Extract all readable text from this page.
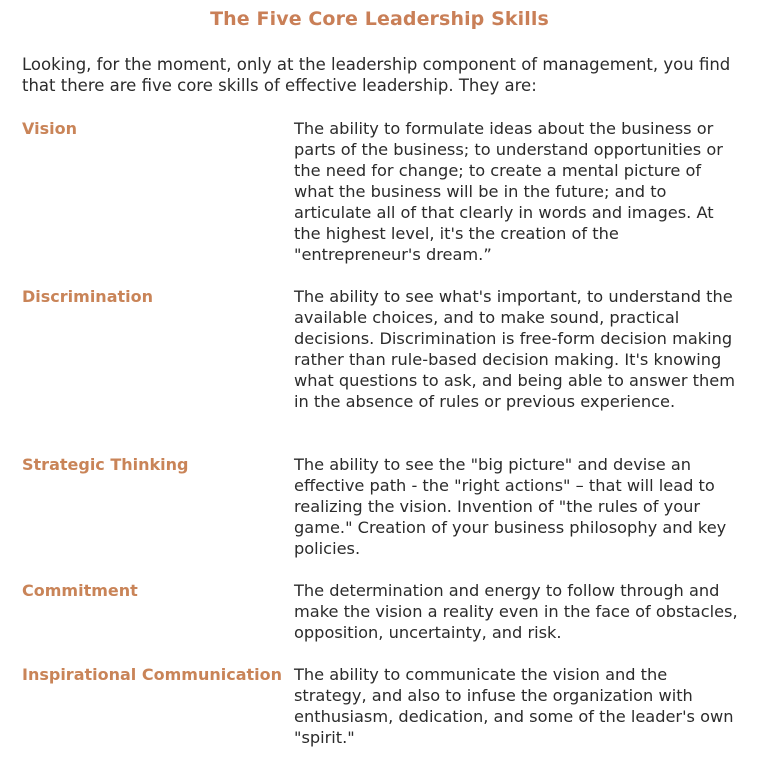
The Five Core Leadership Skills
Looking, for the moment, only at the leadership component of management, you find that there are five core skills of effective leadership. They are:
Vision	The ability to formulate ideas about the business or parts of the business; to understand opportunities or the need for change; to create a mental picture of what the business will be in the future; and to articulate all of that clearly in words and images. At the highest level, it's the creation of the "entrepreneur's dream.”
Discrimination	The ability to see what's important, to understand the available choices, and to make sound, practical decisions. Discrimination is free-form decision making rather than rule-based decision making. It's knowing what questions to ask, and being able to answer them in the absence of rules or previous experience.
Strategic Thinking	The ability to see the "big picture" and devise an effective path - the "right actions" – that will lead to realizing the vision. Invention of "the rules of your game." Creation of your business philosophy and key policies.
Commitment	The determination and energy to follow through and make the vision a reality even in the face of obstacles, opposition, uncertainty, and risk.
Inspirational Communication The ability to communicate the vision and the strategy, and also to infuse the organization with enthusiasm, dedication, and some of the leader's own "spirit."
